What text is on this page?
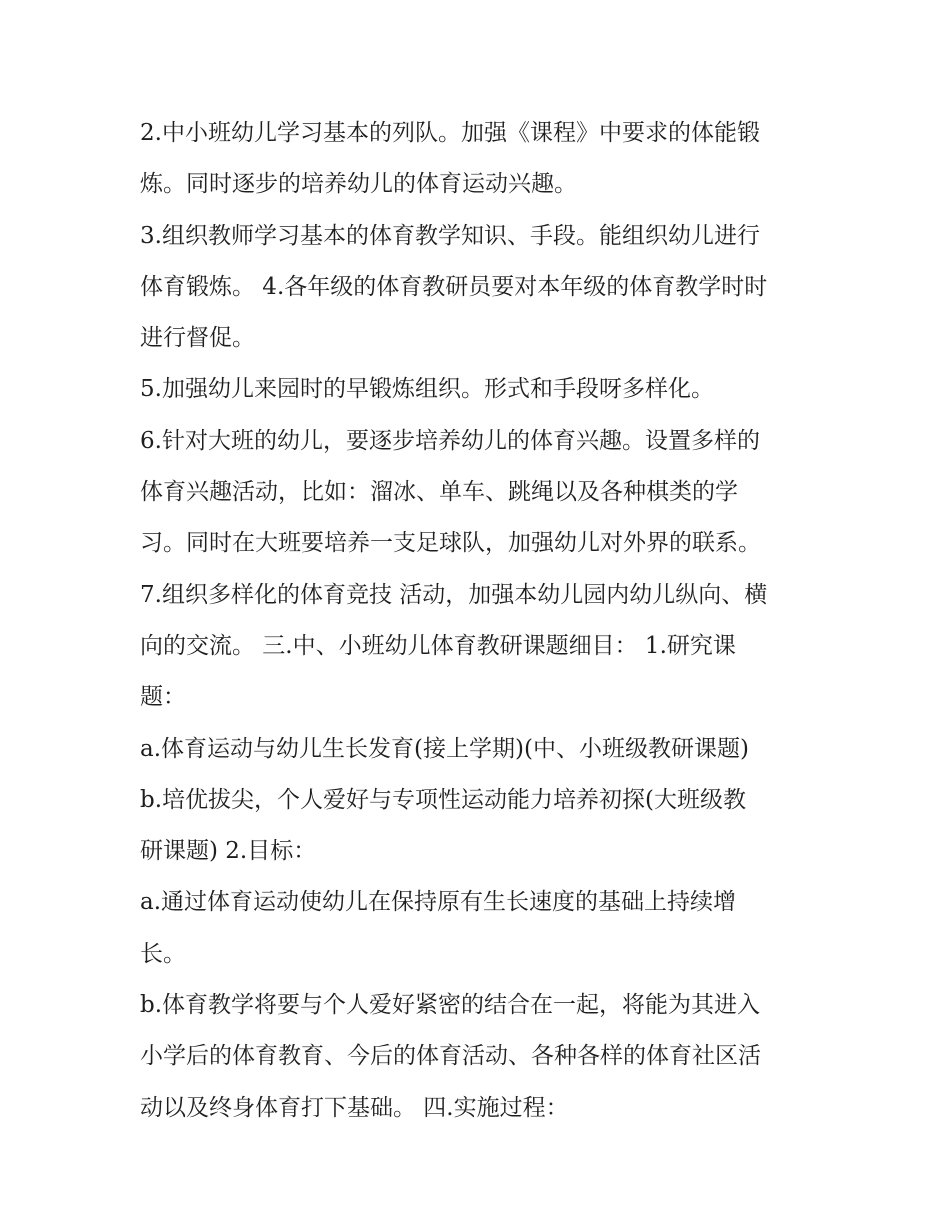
2.中小班幼儿学习基本的列队。加强《课程》中要求的体能锻
炼。同时逐步的培养幼儿的体育运动兴趣。
3.组织教师学习基本的体育教学知识、手段。能组织幼儿进行
体育锻炼。 4.各年级的体育教研员要对本年级的体育教学时时
进行督促。
5.加强幼儿来园时的早锻炼组织。形式和手段呀多样化。
6.针对大班的幼儿，要逐步培养幼儿的体育兴趣。设置多样的
体育兴趣活动，比如：溜冰、单车、跳绳以及各种棋类的学
习。同时在大班要培养一支足球队，加强幼儿对外界的联系。
7.组织多样化的体育竞技 活动，加强本幼儿园内幼儿纵向、横
向的交流。 三.中、小班幼儿体育教研课题细目： 1.研究课
题：
a.体育运动与幼儿生长发育(接上学期)(中、小班级教研课题)
b.培优拔尖，个人爱好与专项性运动能力培养初探(大班级教
研课题) 2.目标：
a.通过体育运动使幼儿在保持原有生长速度的基础上持续增
长。
b.体育教学将要与个人爱好紧密的结合在一起，将能为其进入
小学后的体育教育、今后的体育活动、各种各样的体育社区活
动以及终身体育打下基础。 四.实施过程：
